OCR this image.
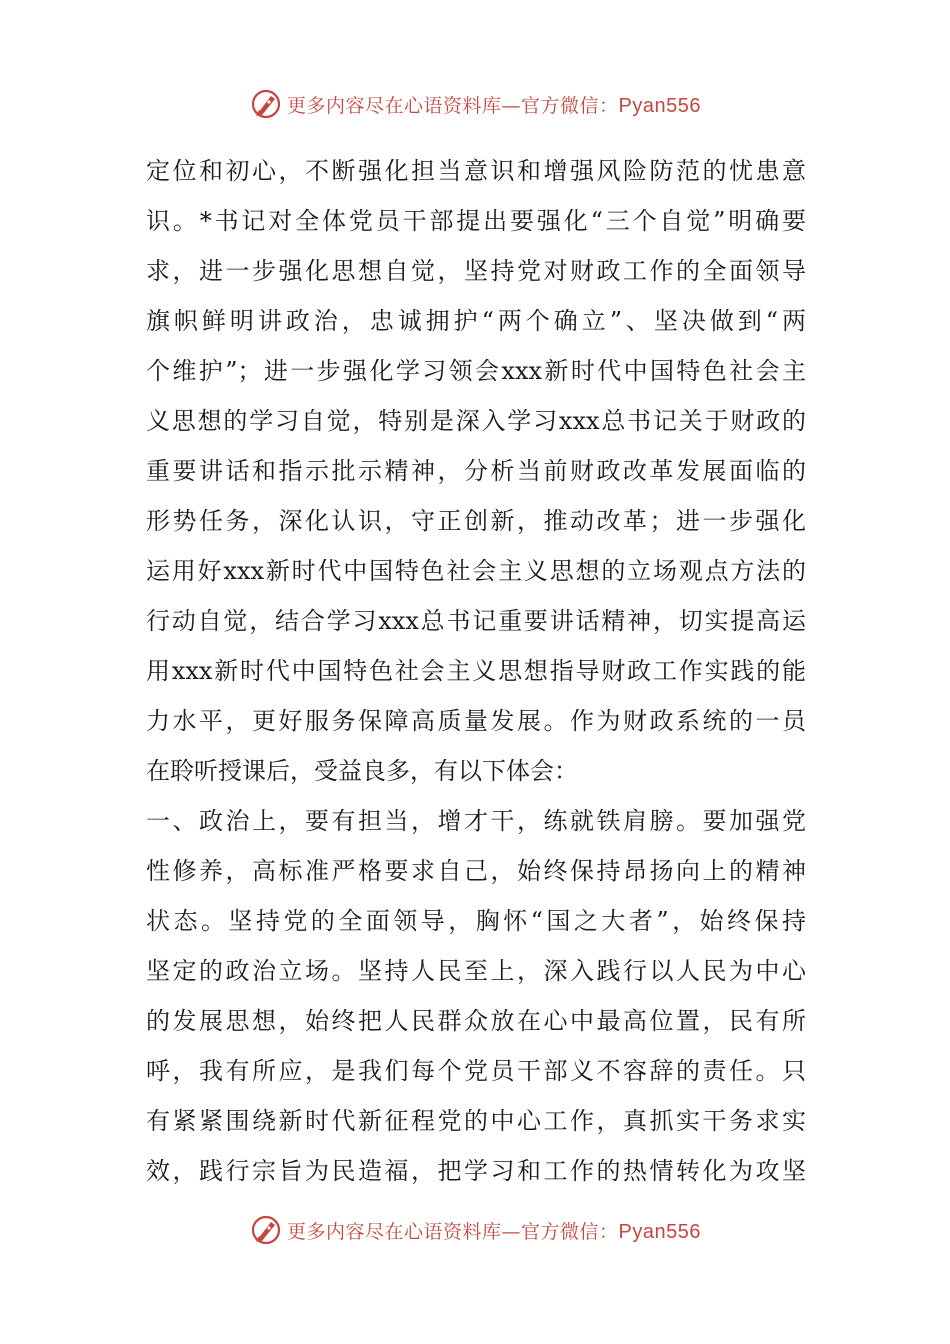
更多内容尽在心语资料库—官方微信：Pyan556
定位和初心，不断强化担当意识和增强风险防范的忧患意
识。*书记对全体党员干部提出要强化“三个自觉”明确要
求，进一步强化思想自觉，坚持党对财政工作的全面领导
旗帜鲜明讲政治，忠诚拥护“两个确立”、坚决做到“两
个维护”；进一步强化学习领会xxx新时代中国特色社会主
义思想的学习自觉，特别是深入学习xxx总书记关于财政的
重要讲话和指示批示精神，分析当前财政改革发展面临的
形势任务，深化认识，守正创新，推动改革；进一步强化
运用好xxx新时代中国特色社会主义思想的立场观点方法的
行动自觉，结合学习xxx总书记重要讲话精神，切实提高运
用xxx新时代中国特色社会主义思想指导财政工作实践的能
力水平，更好服务保障高质量发展。作为财政系统的一员
在聆听授课后，受益良多，有以下体会：
一、政治上，要有担当，增才干，练就铁肩膀。要加强党
性修养，高标准严格要求自己，始终保持昂扬向上的精神
状态。坚持党的全面领导，胸怀“国之大者”，始终保持
坚定的政治立场。坚持人民至上，深入践行以人民为中心
的发展思想，始终把人民群众放在心中最高位置，民有所
呼，我有所应，是我们每个党员干部义不容辞的责任。只
有紧紧围绕新时代新征程党的中心工作，真抓实干务求实
效，践行宗旨为民造福，把学习和工作的热情转化为攻坚
更多内容尽在心语资料库—官方微信：Pyan556
